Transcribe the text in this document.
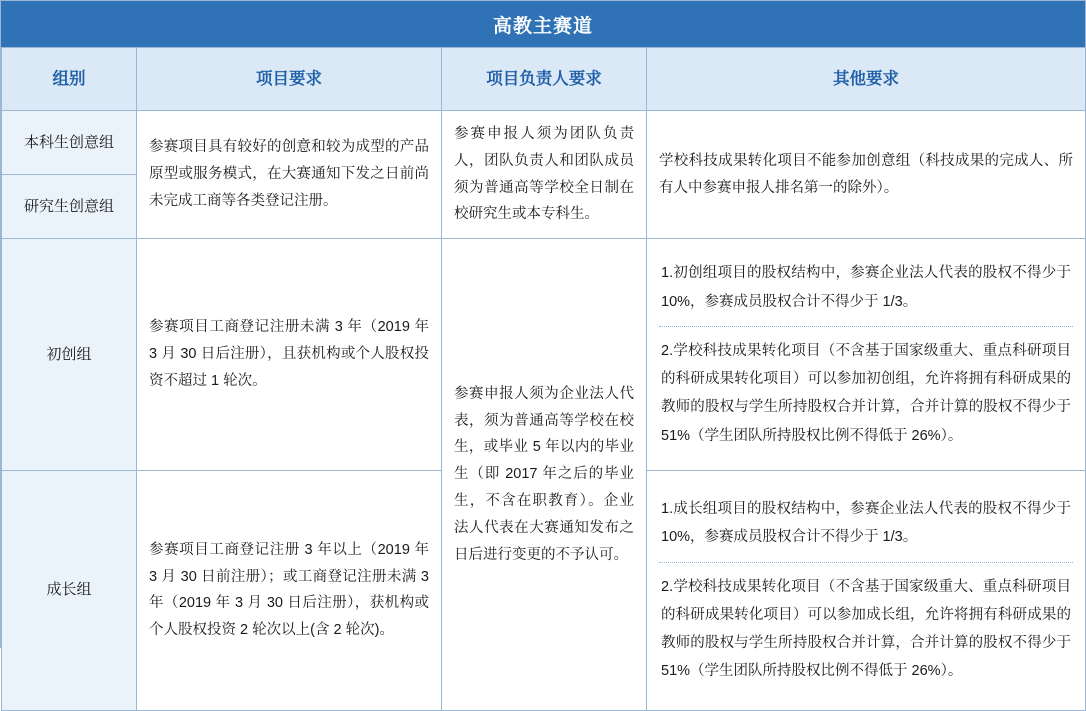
高教主赛道
组别	项目要求	项目负责人要求	其他要求
本科生创意组	参赛项目具有较好的创意和较为成型的产品原型或服务模式，在大赛通知下发之日前尚未完成工商等各类登记注册。	参赛申报人须为团队负责人，团队负责人和团队成员须为普通高等学校全日制在校研究生或本专科生。	学校科技成果转化项目不能参加创意组（科技成果的完成人、所有人中参赛申报人排名第一的除外）。
研究生创意组			
初创组	参赛项目工商登记注册未满 3 年（2019 年 3 月 30 日后注册），且获机构或个人股权投资不超过 1 轮次。	参赛申报人须为企业法人代表，须为普通高等学校在校生，或毕业 5 年以内的毕业生（即 2017 年之后的毕业生，不含在职教育）。企业法人代表在大赛通知发布之日后进行变更的不予认可。	1.初创组项目的股权结构中，参赛企业法人代表的股权不得少于 10%，参赛成员股权合计不得少于 1/3。

2.学校科技成果转化项目（不含基于国家级重大、重点科研项目的科研成果转化项目）可以参加初创组，允许将拥有科研成果的教师的股权与学生所持股权合并计算，合并计算的股权不得少于 51%（学生团队所持股权比例不得低于 26%）。

成长组	参赛项目工商登记注册 3 年以上（2019 年 3 月 30 日前注册）；或工商登记注册未满 3 年（2019 年 3 月 30 日后注册），获机构或个人股权投资 2 轮次以上(含 2 轮次)。		1.成长组项目的股权结构中，参赛企业法人代表的股权不得少于 10%，参赛成员股权合计不得少于 1/3。

2.学校科技成果转化项目（不含基于国家级重大、重点科研项目的科研成果转化项目）可以参加成长组，允许将拥有科研成果的教师的股权与学生所持股权合并计算，合并计算的股权不得少于 51%（学生团队所持股权比例不得低于 26%）。
